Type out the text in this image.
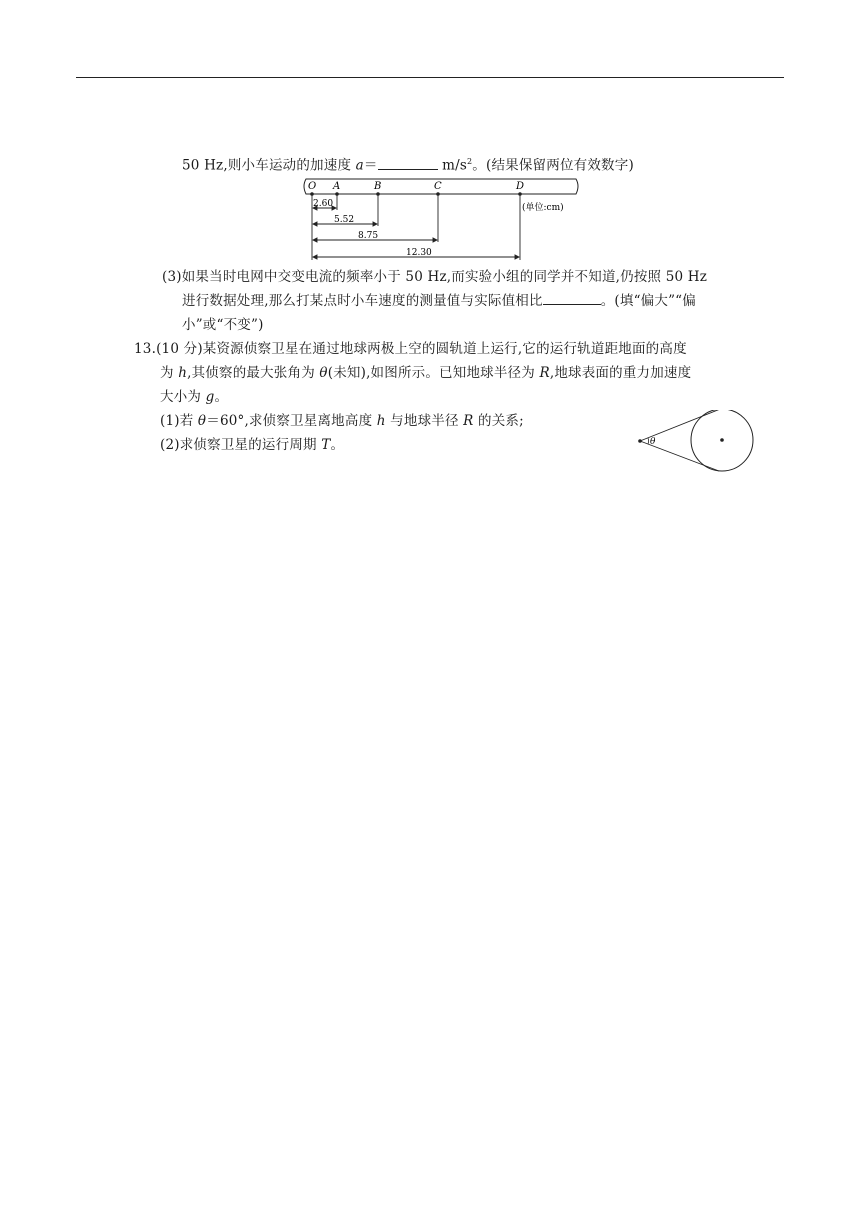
50 Hz,则小车运动的加速度 a＝	$m/s^2$。(结果保留两位有效数字)
O A	B	C	D
2.60
5.52
8.75
12.30
(单位:cm)
(3)如果当时电网中交变电流的频率小于 50 Hz,而实验小组的同学并不知道,仍按照 50 Hz
进行数据处理,那么打某点时小车速度的测量值与实际值相比	。(填“偏大”“偏
小”或“不变”)
13.(10 分)某资源侦察卫星在通过地球两极上空的圆轨道上运行,它的运行轨道距地面的高度
为 h,其侦察的最大张角为 θ(未知),如图所示。已知地球半径为 R,地球表面的重力加速度
大小为 g。
(1)若 θ＝60°,求侦察卫星离地高度 h 与地球半径 R 的关系;
(2)求侦察卫星的运行周期 T。	θ
